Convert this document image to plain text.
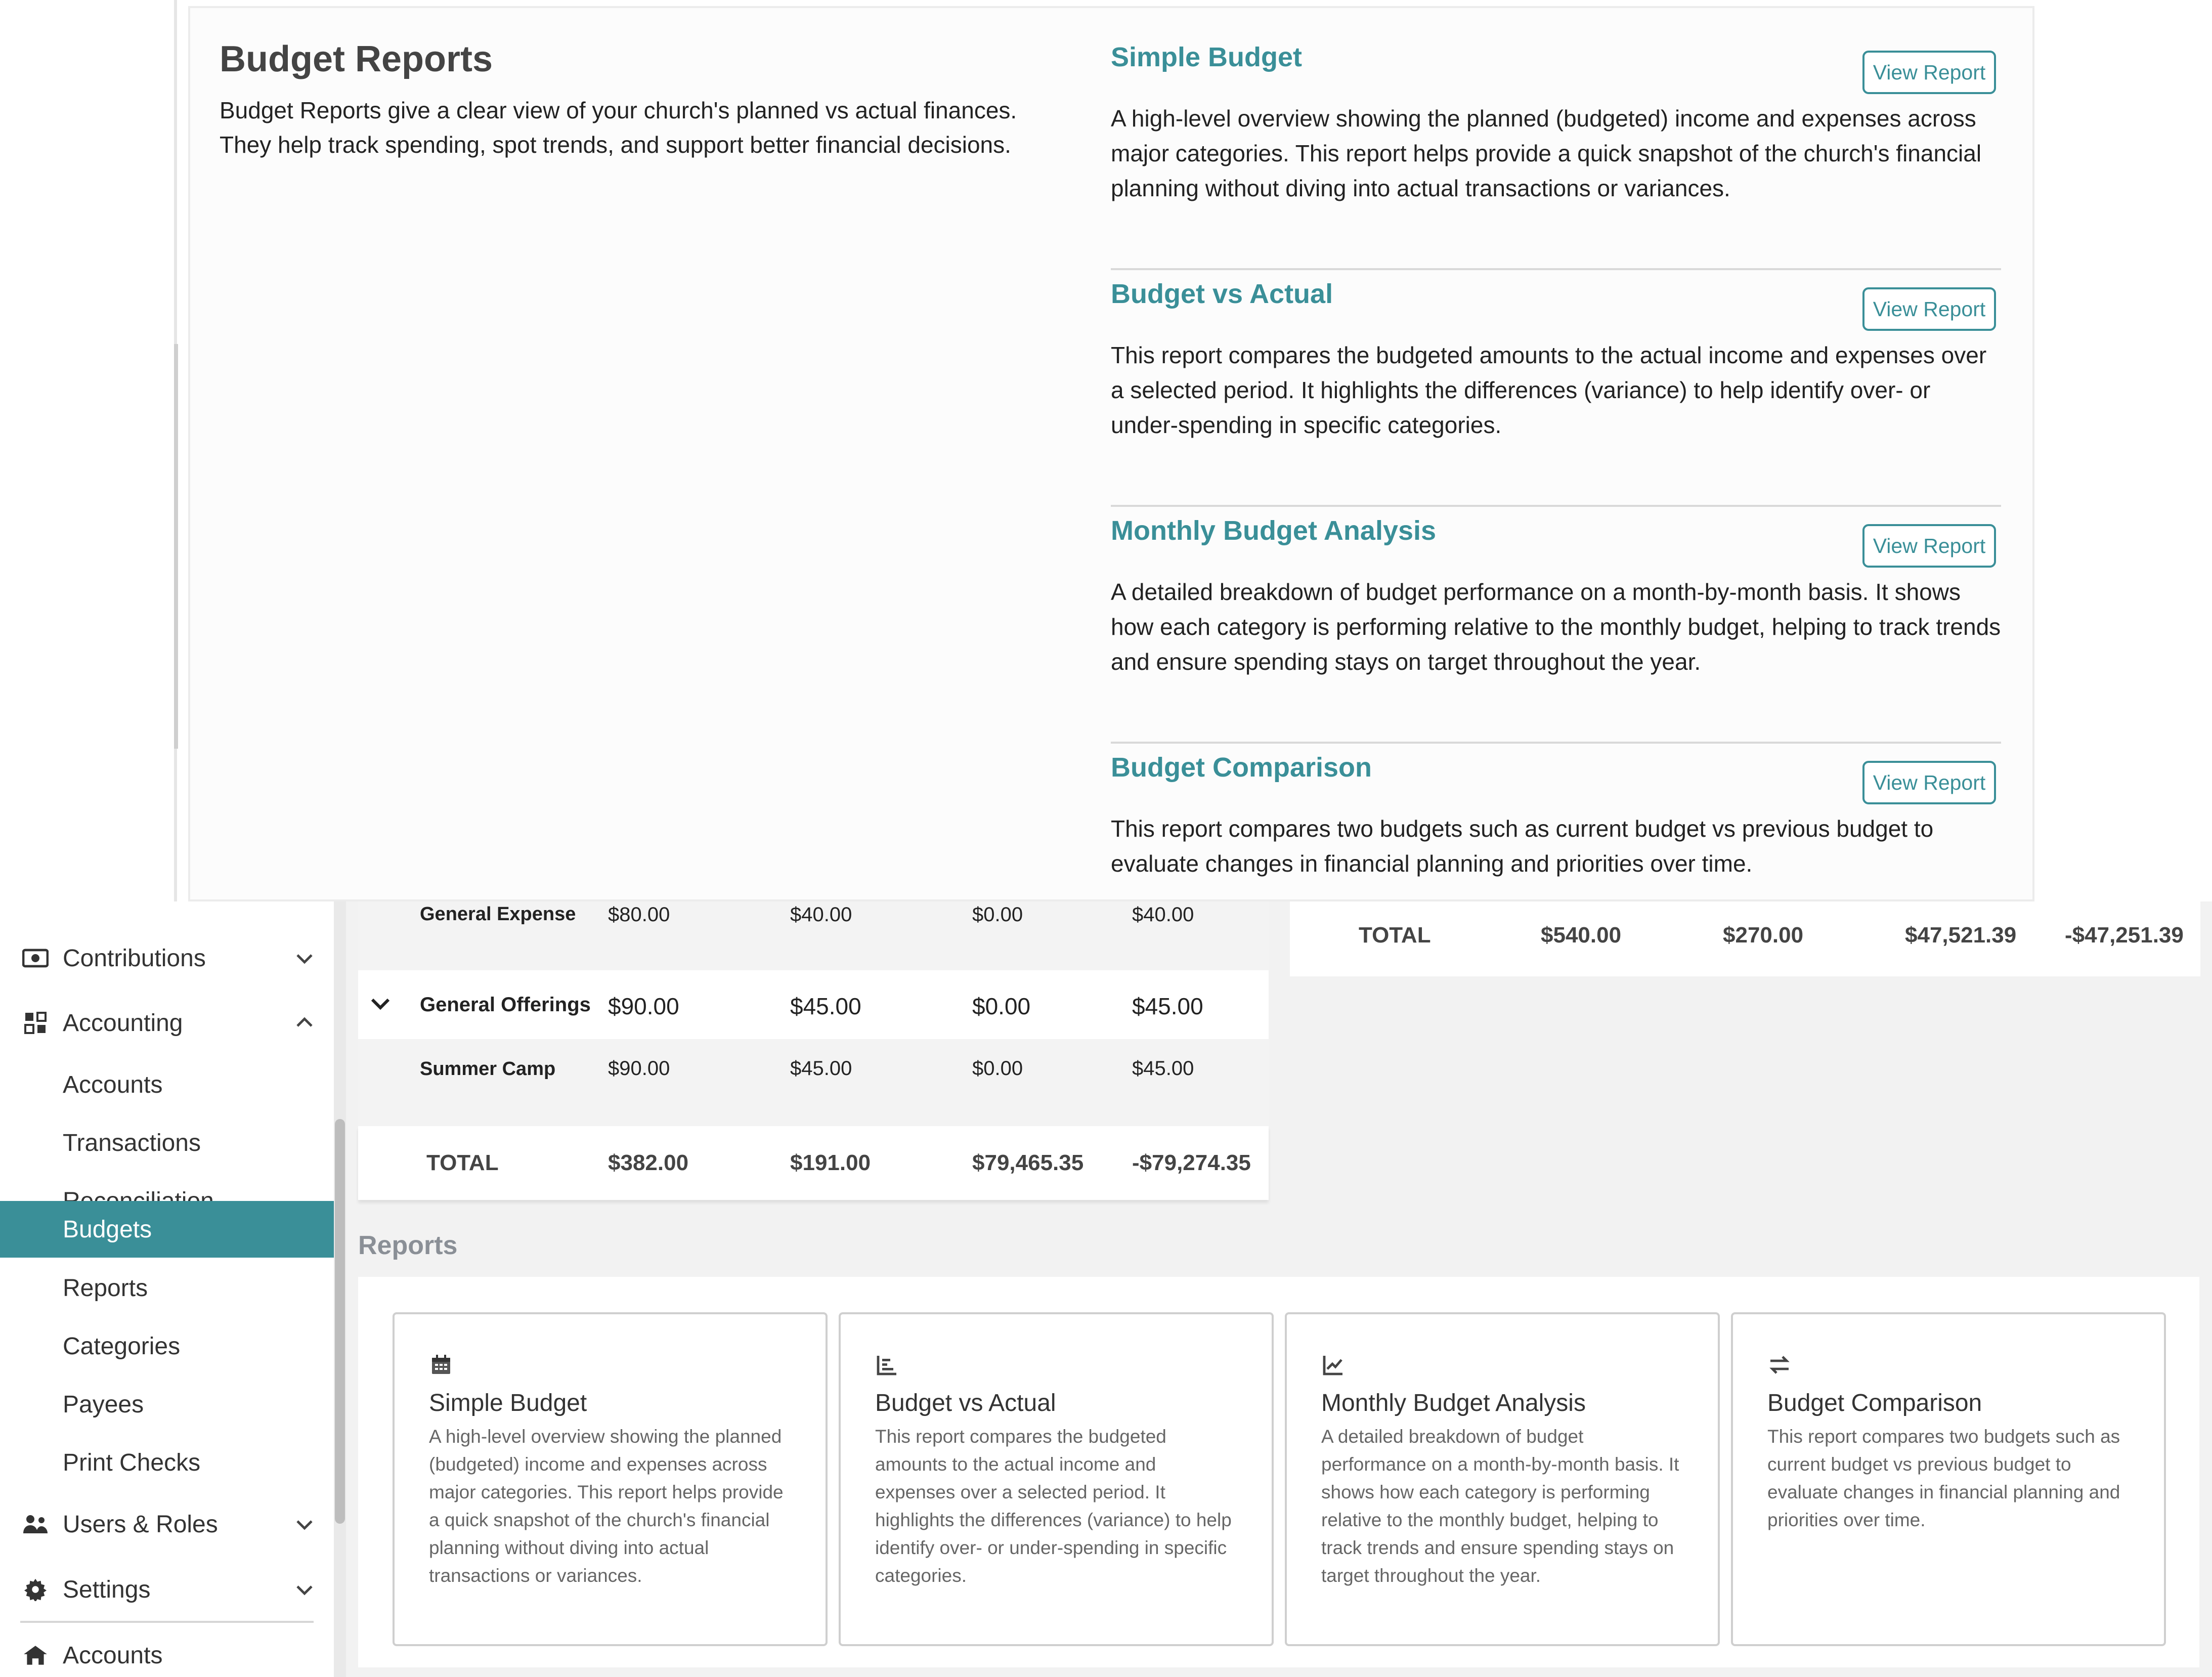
Budget Reports

Budget Reports give a clear view of your church's planned vs actual finances. They help track spending, spot trends, and support better financial decisions.

Simple Budget	View Report
A high-level overview showing the planned (budgeted) income and expenses across major categories. This report helps provide a quick snapshot of the church's financial planning without diving into actual transactions or variances.
Budget vs Actual	View Report
This report compares the budgeted amounts to the actual income and expenses over a selected period. It highlights the differences (variance) to help identify over- or under-spending in specific categories.
Monthly Budget Analysis	View Report
A detailed breakdown of budget performance on a month-by-month basis. It shows how each category is performing relative to the monthly budget, helping to track trends and ensure spending stays on target throughout the year.
Budget Comparison	View Report
This report compares two budgets such as current budget vs previous budget to evaluate changes in financial planning and priorities over time.
Contributions
Accounting
Accounts
Transactions
Budgets
Reports
Categories
Payees
Print Checks
Users & Roles
Settings
Accounts
General Expense $80.00	$40.00	$0.00	$40.00
General Offerings $90.00	$45.00	$0.00	$45.00
Summer Camp	$90.00	$45.00	$0.00	$45.00
TOTAL	$382.00	$191.00	$79,465.35 -$79,274.35
TOTAL	$540.00	$270.00	$47,521.39 -$47,251.39
Reports
Simple Budget
A high-level overview showing the planned (budgeted) income and expenses across major categories. This report helps provide a quick snapshot of the church's financial planning without diving into actual transactions or variances.
Budget vs Actual
This report compares the budgeted amounts to the actual income and expenses over a selected period. It highlights the differences (variance) to help identify over- or under-spending in specific categories.
Monthly Budget Analysis
A detailed breakdown of budget performance on a month-by-month basis. It shows how each category is performing relative to the monthly budget, helping to track trends and ensure spending stays on target throughout the year.
Budget Comparison
This report compares two budgets such as current budget vs previous budget to evaluate changes in financial planning and priorities over time.
